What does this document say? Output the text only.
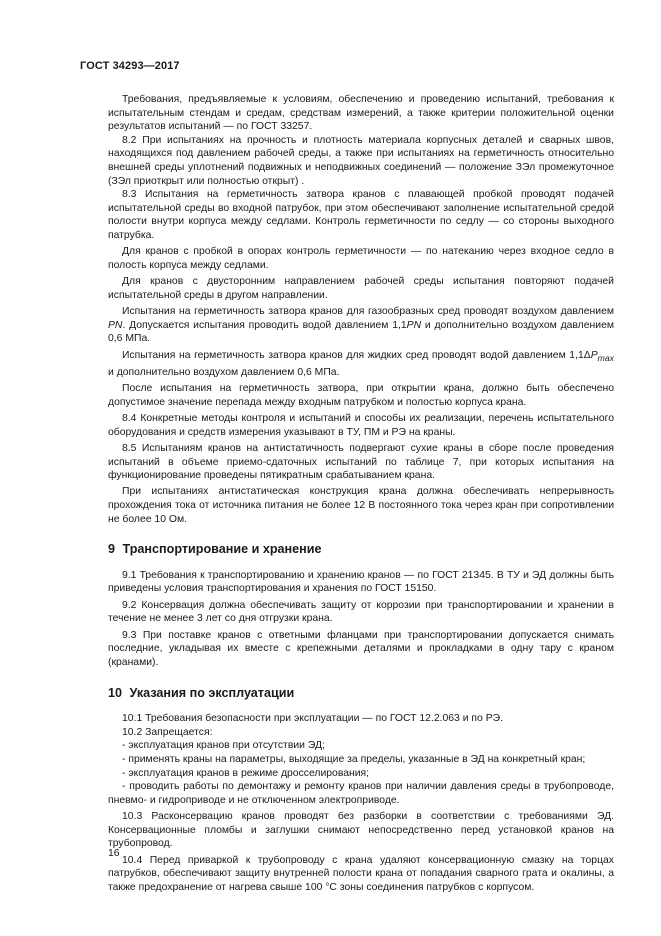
ГОСТ 34293—2017

Требования, предъявляемые к условиям, обеспечению и проведению испытаний, требования к испытательным стендам и средам, средствам измерений, а также критерии положительной оценки результатов испытаний — по ГОСТ 33257.

8.2 При испытаниях на прочность и плотность материала корпусных деталей и сварных швов, находящихся под давлением рабочей среды, а также при испытаниях на герметичность относительно внешней среды уплотнений подвижных и неподвижных соединений — положение ЗЭл промежуточное (ЗЭл приоткрыт или полностью открыт) .

8.3 Испытания на герметичность затвора кранов с плавающей пробкой проводят подачей испытательной среды во входной патрубок, при этом обеспечивают заполнение испытательной средой полости внутри корпуса между седлами. Контроль герметичности по седлу — со стороны выходного патрубка.

Для кранов с пробкой в опорах контроль герметичности — по натеканию через входное седло в полость корпуса между седлами.

Для кранов с двусторонним направлением рабочей среды испытания повторяют подачей испытательной среды в другом направлении.

Испытания на герметичность затвора кранов для газообразных сред проводят воздухом давлением PN. Допускается испытания проводить водой давлением 1,1PN и дополнительно воздухом давлением 0,6 МПа.

Испытания на герметичность затвора кранов для жидких сред проводят водой давлением $1,1\Delta P_{max}$ и дополнительно воздухом давлением 0,6 МПа.

После испытания на герметичность затвора, при открытии крана, должно быть обеспечено допустимое значение перепада между входным патрубком и полостью корпуса крана.

8.4 Конкретные методы контроля и испытаний и способы их реализации, перечень испытательного оборудования и средств измерения указывают в ТУ, ПМ и РЭ на краны.

8.5 Испытаниям кранов на антистатичность подвергают сухие краны в сборе после проведения испытаний в объеме приемо-сдаточных испытаний по таблице 7, при которых испытания на функционирование проведены пятикратным срабатыванием крана.

При испытаниях антистатическая конструкция крана должна обеспечивать непрерывность прохождения тока от источника питания не более 12 В постоянного тока через кран при сопротивлении не более 10 Ом.

9 Транспортирование и хранение

9.1 Требования к транспортированию и хранению кранов — по ГОСТ 21345. В ТУ и ЭД должны быть приведены условия транспортирования и хранения по ГОСТ 15150.

9.2 Консервация должна обеспечивать защиту от коррозии при транспортировании и хранении в течение не менее 3 лет со дня отгрузки крана.

9.3 При поставке кранов с ответными фланцами при транспортировании допускается снимать последние, укладывая их вместе с крепежными деталями и прокладками в одну тару с краном (кранами).

10 Указания по эксплуатации

10.1 Требования безопасности при эксплуатации — по ГОСТ 12.2.063 и по РЭ.

10.2 Запрещается:

- эксплуатация кранов при отсутствии ЭД;

- применять краны на параметры, выходящие за пределы, указанные в ЭД на конкретный кран;

- эксплуатация кранов в режиме дросселирования;

- проводить работы по демонтажу и ремонту кранов при наличии давления среды в трубопроводе, пневмо- и гидроприводе и не отключенном электроприводе.

10.3 Расконсервацию кранов проводят без разборки в соответствии с требованиями ЭД. Консервационные пломбы и заглушки снимают непосредственно перед установкой кранов на трубопровод.

10.4 Перед приваркой к трубопроводу с крана удаляют консервационную смазку на торцах патрубков, обеспечивают защиту внутренней полости крана от попадания сварного грата и окалины, а также предохранение от нагрева свыше 100 °С зоны соединения патрубков с корпусом.

16
